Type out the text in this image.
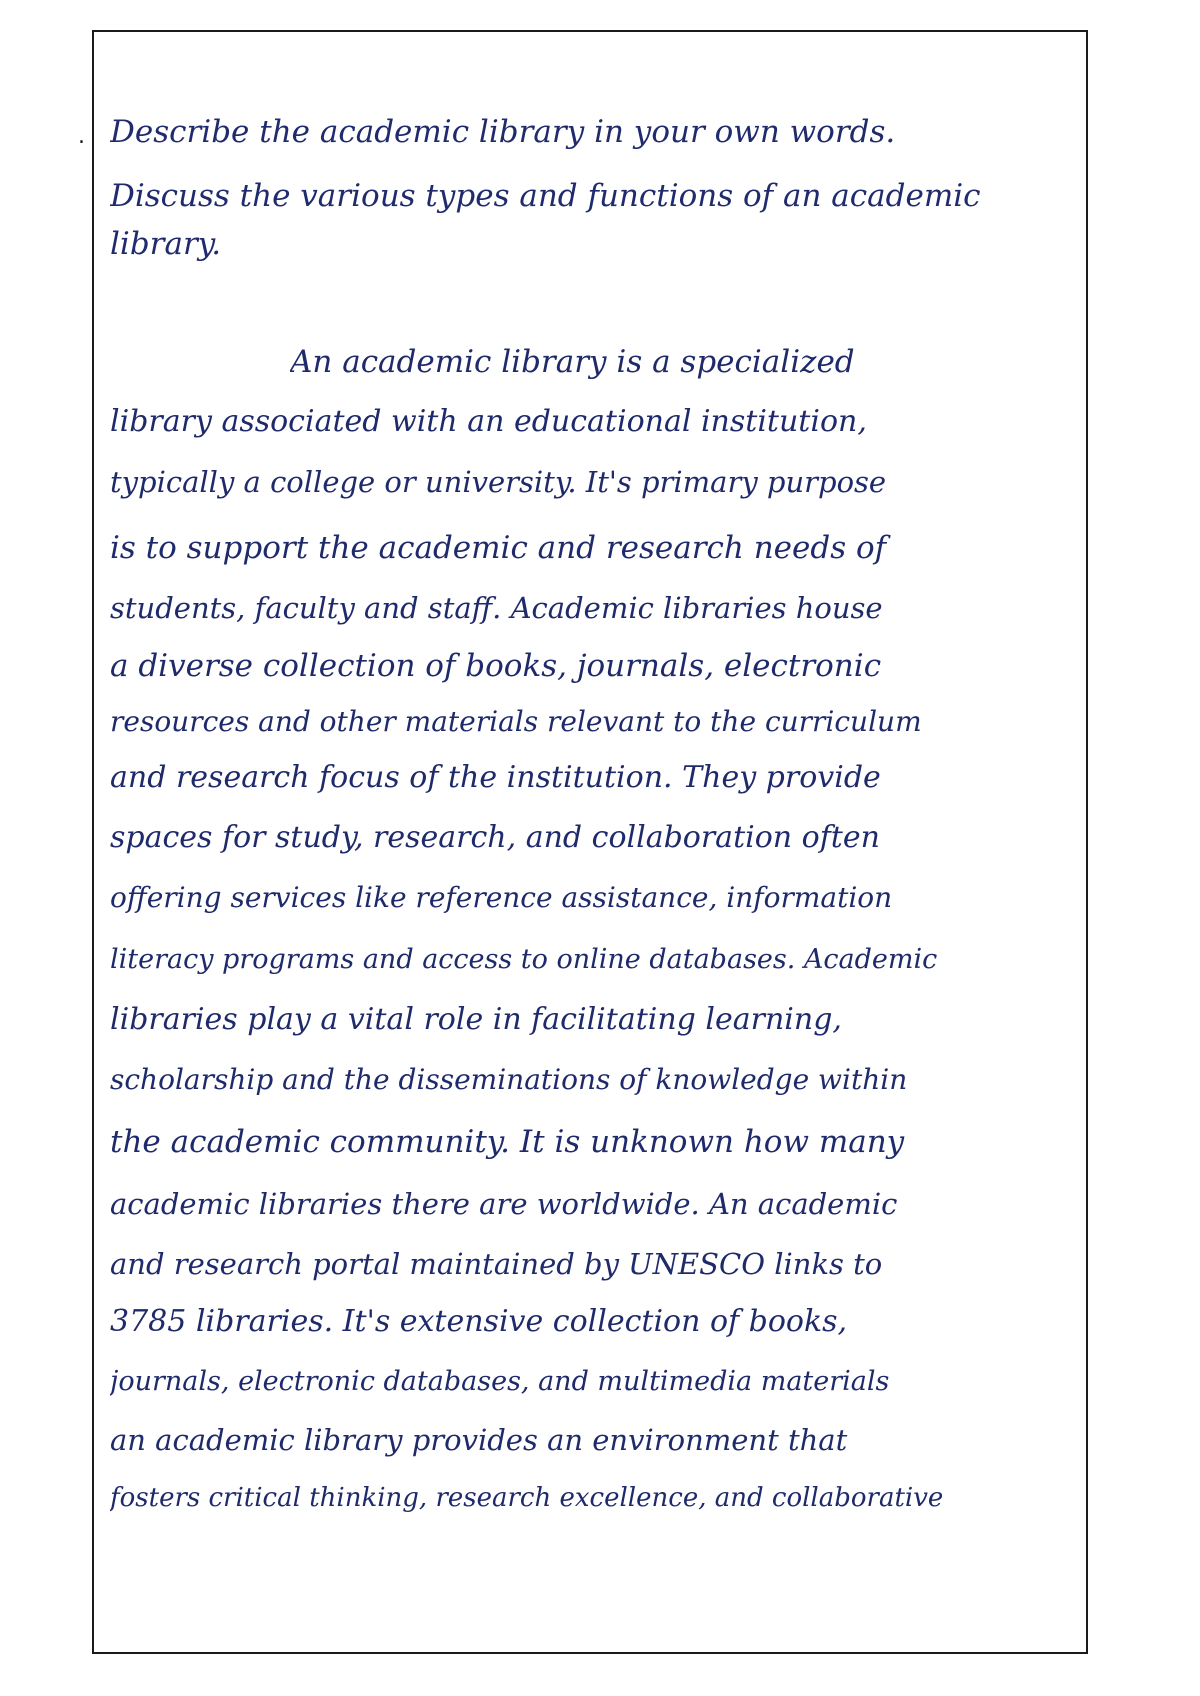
. Describe the academic library in your own words.
Discuss the various types and functions of an academic
library.
An academic library is a specialized
library associated with an educational institution,
typically a college or university. It's primary purpose
is to support the academic and research needs of
students, faculty and staff. Academic libraries house
a diverse collection of books, journals, electronic
resources and other materials relevant to the curriculum
and research focus of the institution. They provide
spaces for study, research, and collaboration often
offering services like reference assistance, information
literacy programs and access to online databases. Academic
libraries play a vital role in facilitating learning,
scholarship and the disseminations of knowledge within
the academic community. It is unknown how many
academic libraries there are worldwide. An academic
and research portal maintained by UNESCO links to
3785 libraries. It's extensive collection of books,
journals, electronic databases, and multimedia materials
an academic library provides an environment that
fosters critical thinking, research excellence, and collaborative
